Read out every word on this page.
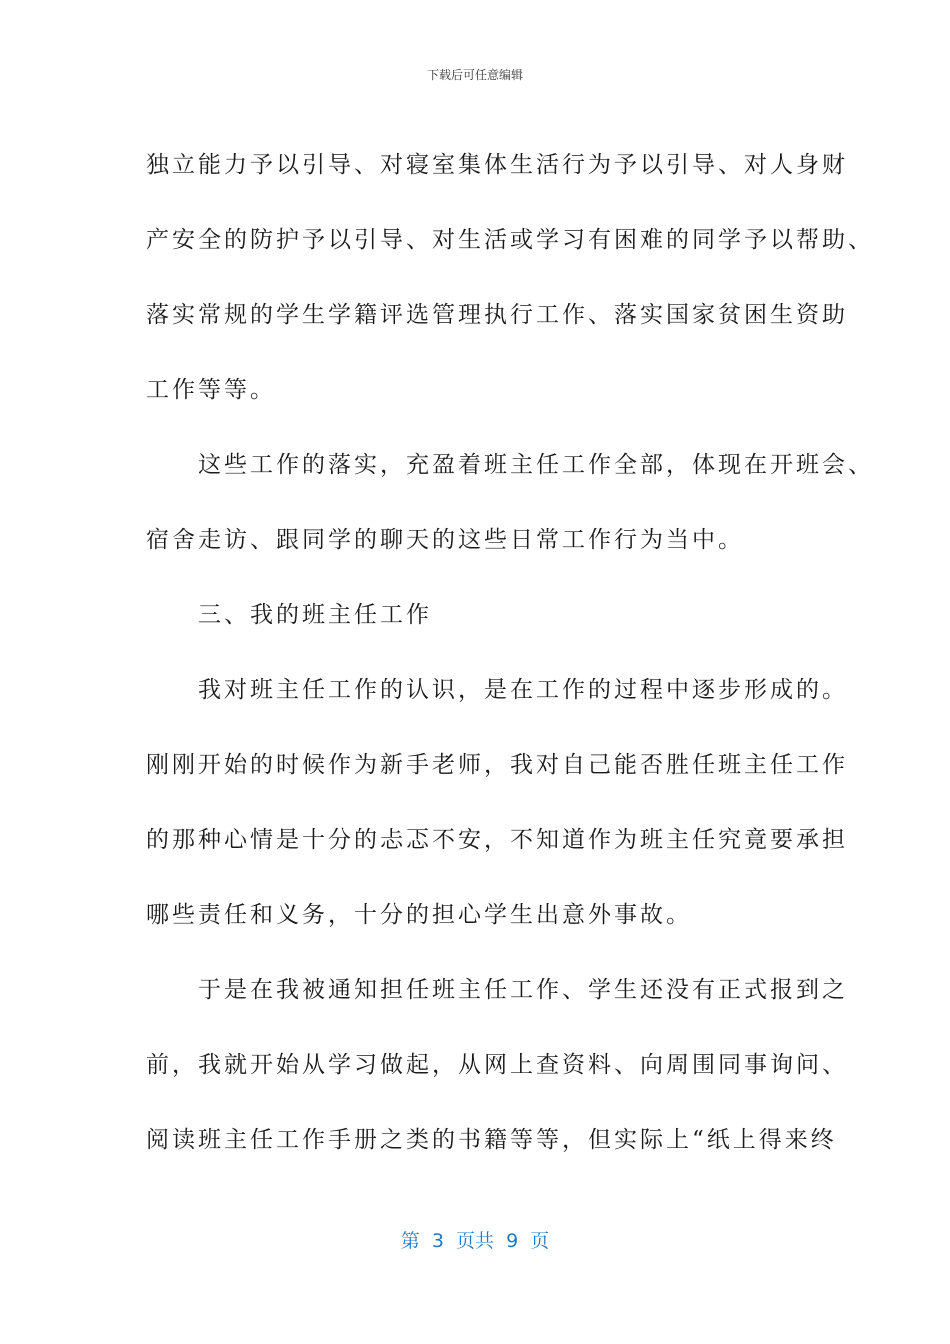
下载后可任意编辑
独立能力予以引导、对寝室集体生活行为予以引导、对人身财
产安全的防护予以引导、对生活或学习有困难的同学予以帮助、
落实常规的学生学籍评选管理执行工作、落实国家贫困生资助
工作等等。
　　这些工作的落实，充盈着班主任工作全部，体现在开班会、
宿舍走访、跟同学的聊天的这些日常工作行为当中。
　　三、我的班主任工作
　　我对班主任工作的认识，是在工作的过程中逐步形成的。
刚刚开始的时候作为新手老师，我对自己能否胜任班主任工作
的那种心情是十分的忐忑不安，不知道作为班主任究竟要承担
哪些责任和义务，十分的担心学生出意外事故。
　　于是在我被通知担任班主任工作、学生还没有正式报到之
前，我就开始从学习做起，从网上查资料、向周围同事询问、
阅读班主任工作手册之类的书籍等等，但实际上“纸上得来终
第  3  页共  9  页
